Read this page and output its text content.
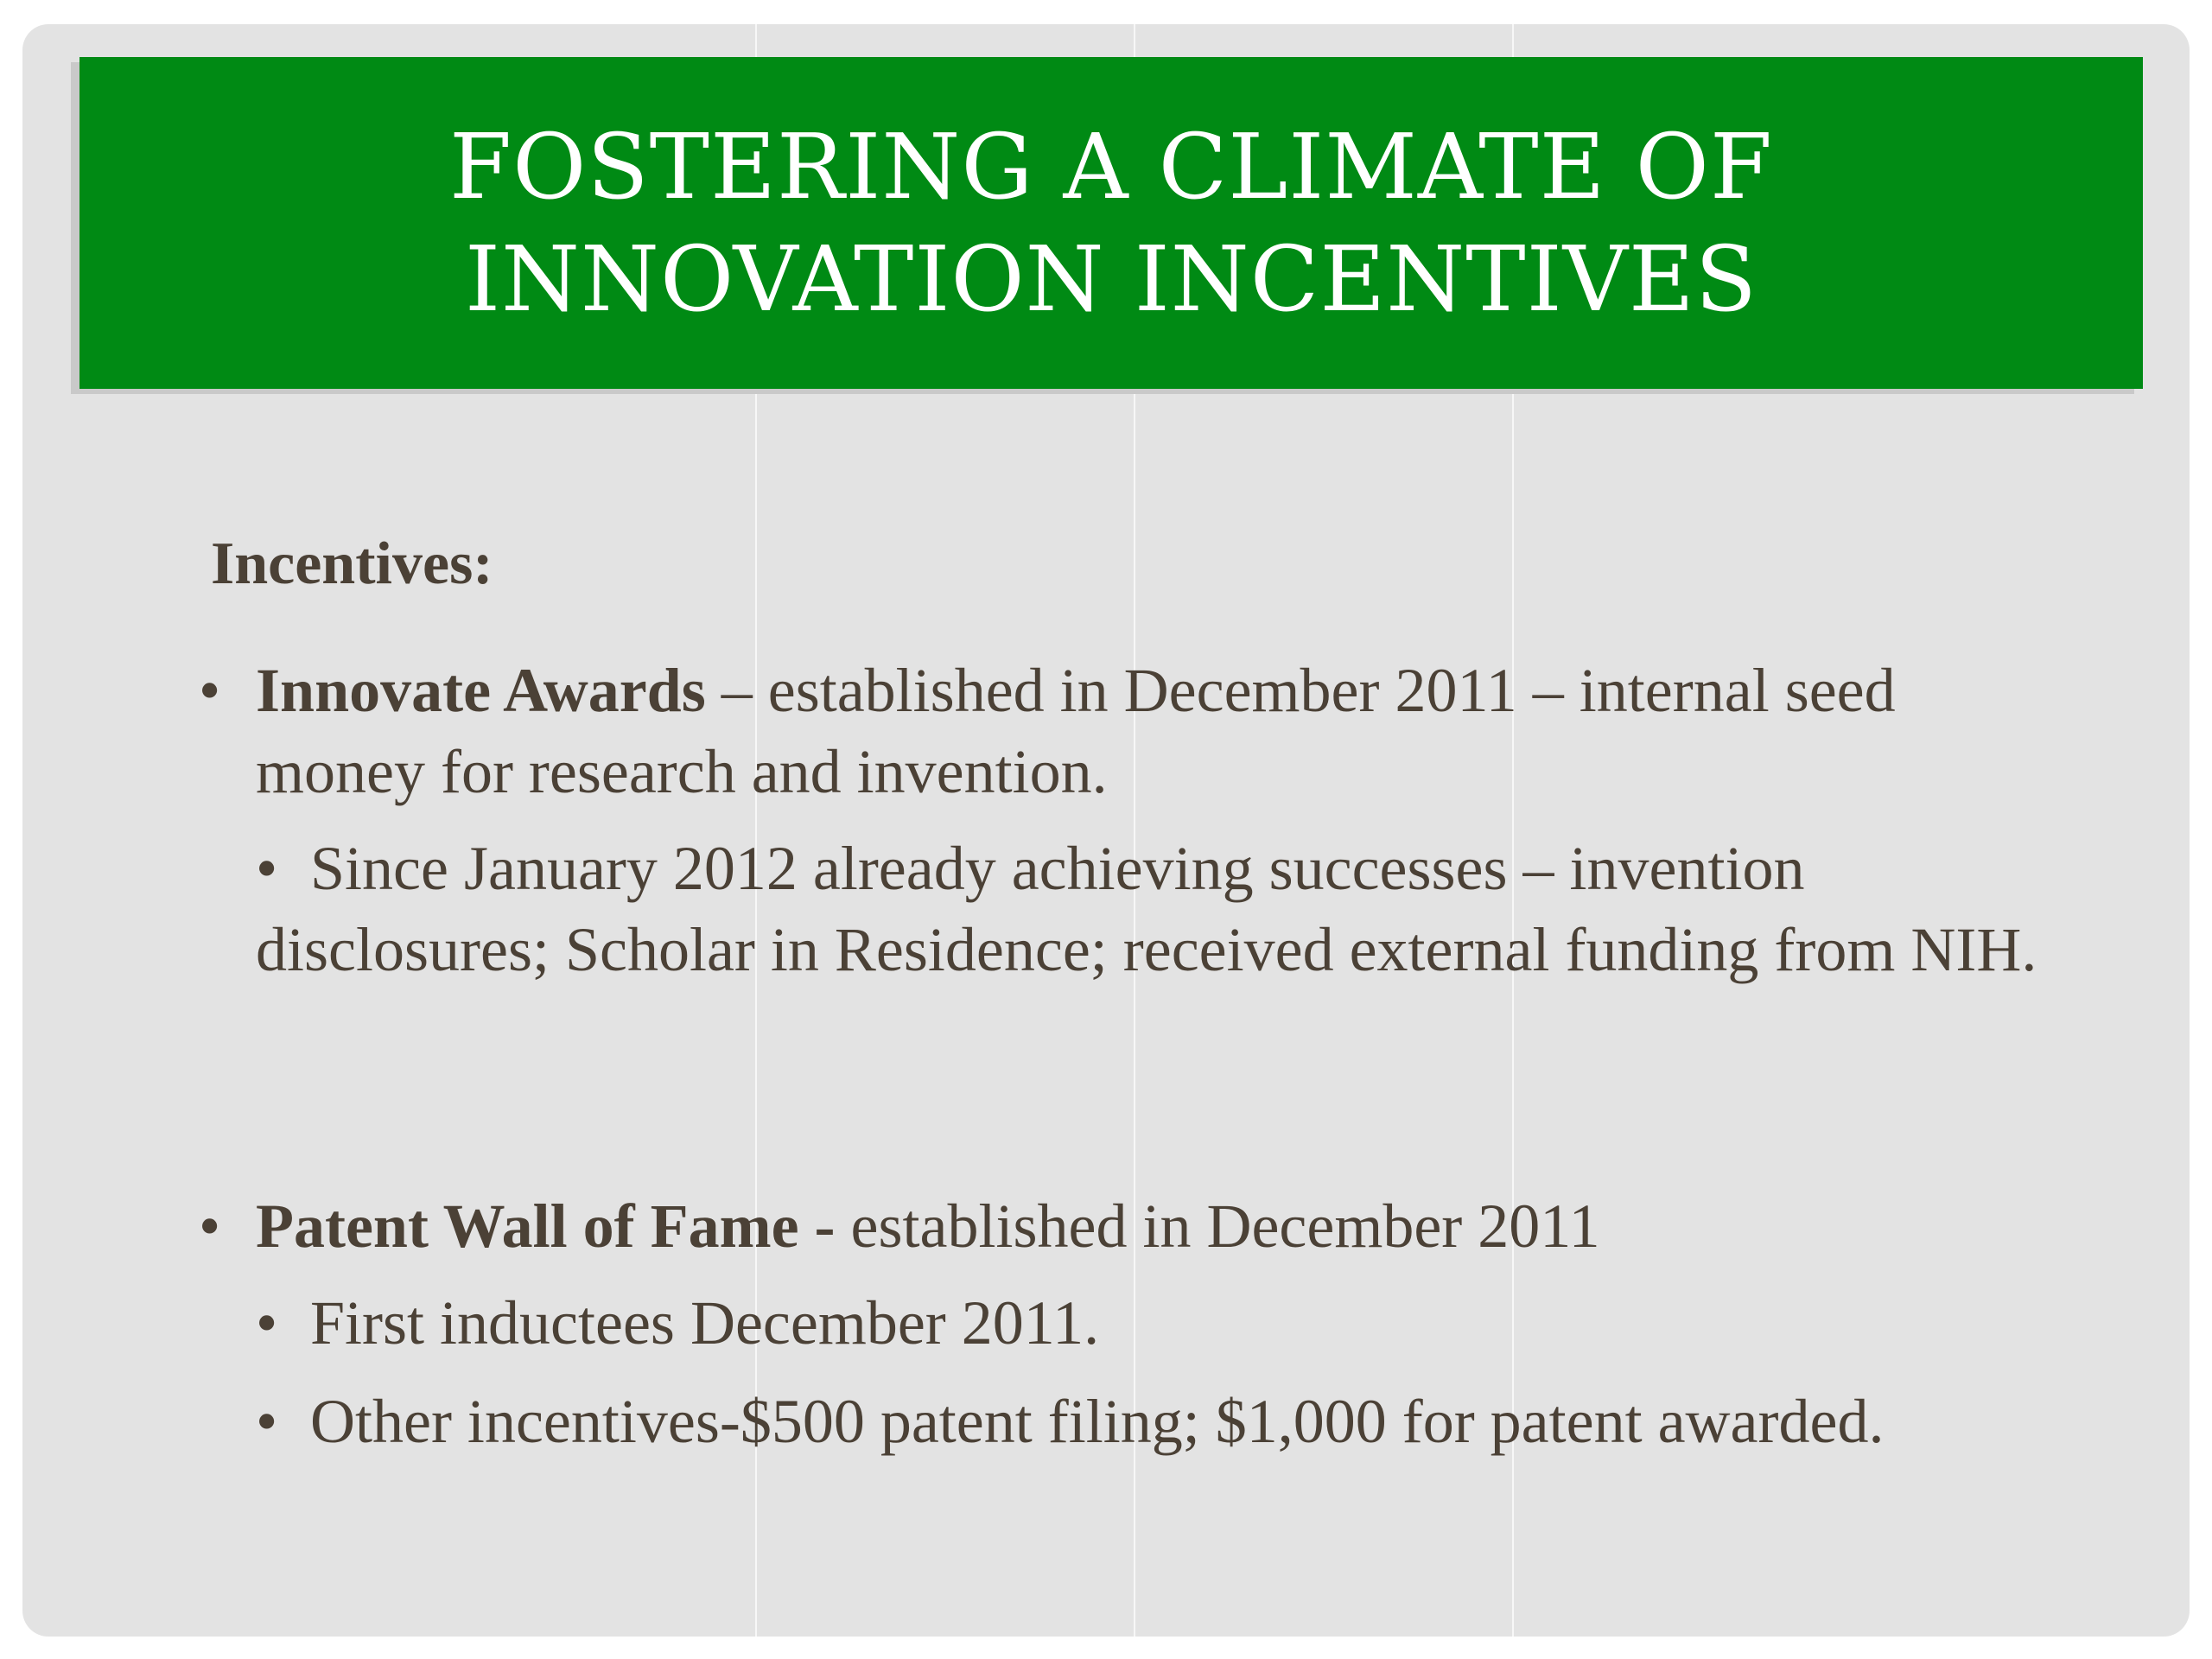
FOSTERING A CLIMATE OF INNOVATION INCENTIVES
Incentives:
• Innovate Awards – established in December 2011 – internal seed money for research and invention.
• Since January 2012 already achieving successes – invention disclosures; Scholar in Residence; received external funding from NIH.
• Patent Wall of Fame - established in December 2011
• First inductees December 2011.
• Other incentives-$500 patent filing; $1,000 for patent awarded.
